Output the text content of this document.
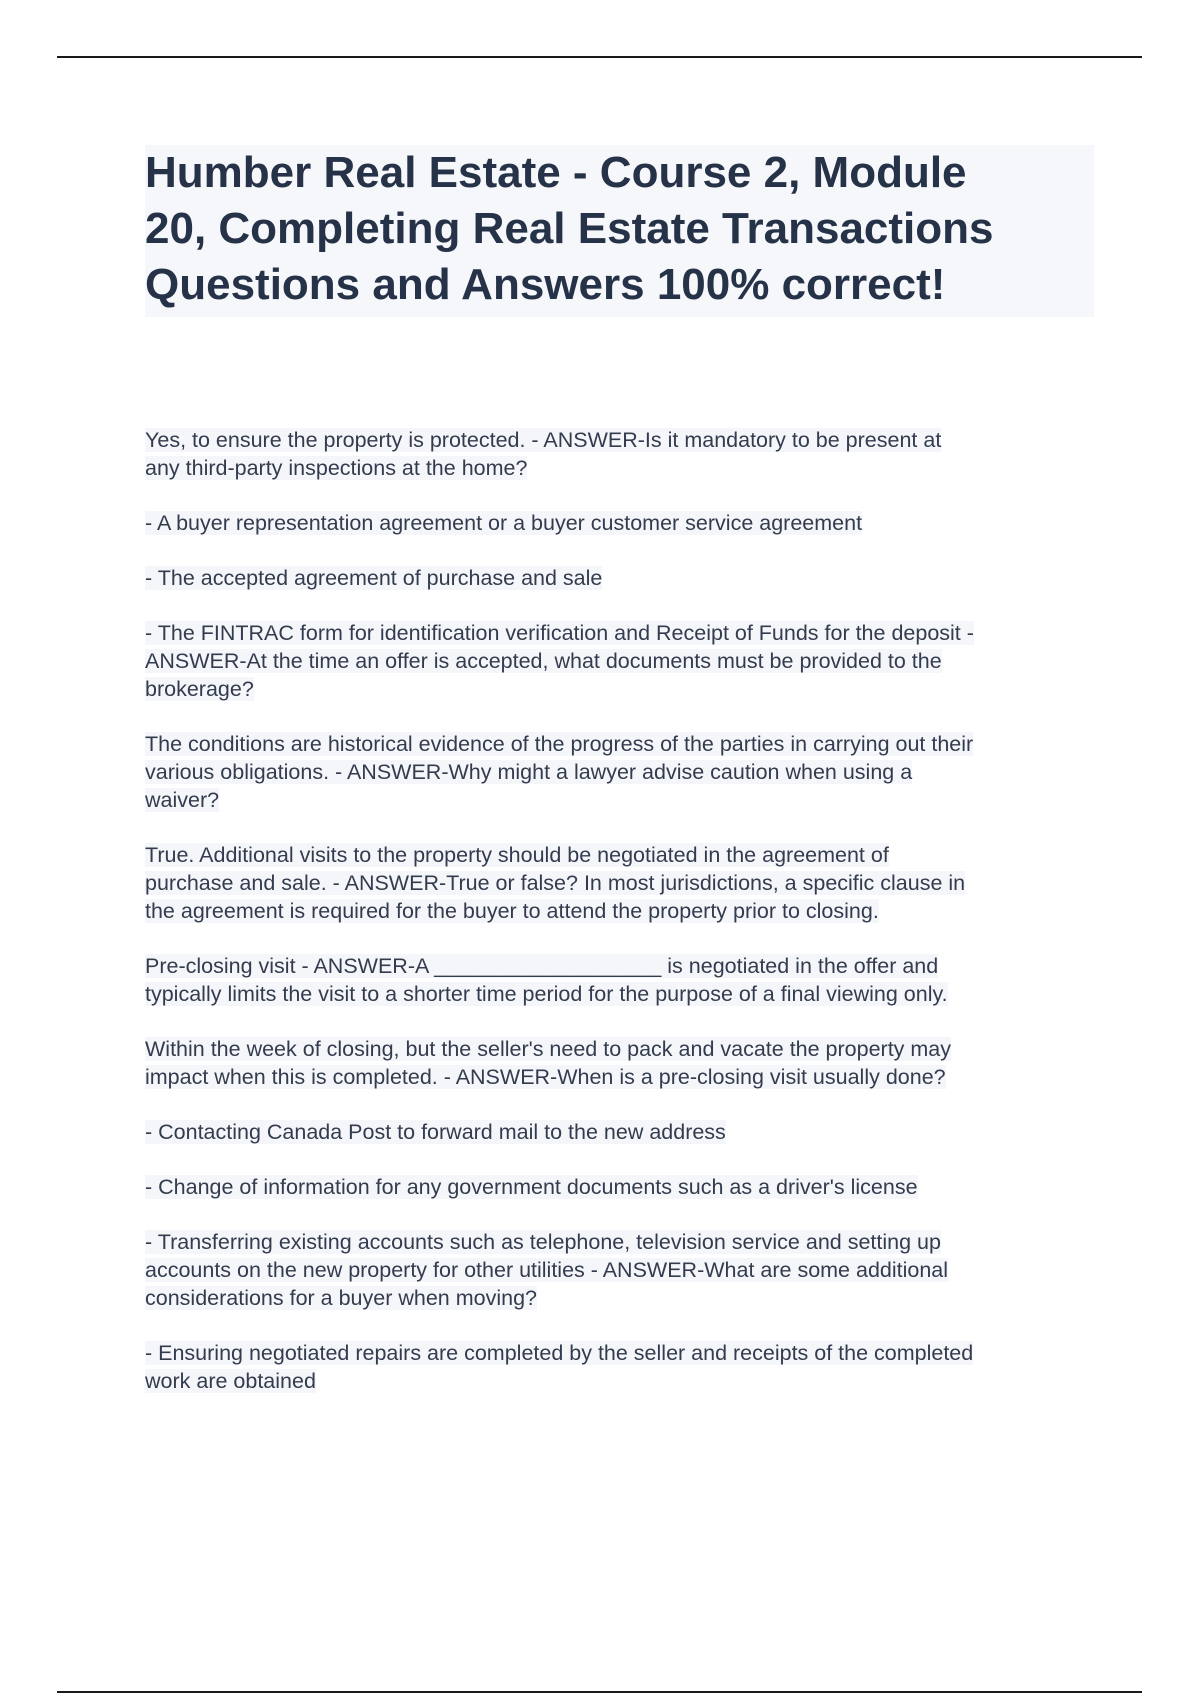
Humber Real Estate - Course 2, Module
20, Completing Real Estate Transactions
Questions and Answers 100% correct!
Yes, to ensure the property is protected. - ANSWER-Is it mandatory to be present at
any third-party inspections at the home?
- A buyer representation agreement or a buyer customer service agreement
- The accepted agreement of purchase and sale
- The FINTRAC form for identification verification and Receipt of Funds for the deposit -
ANSWER-At the time an offer is accepted, what documents must be provided to the
brokerage?
The conditions are historical evidence of the progress of the parties in carrying out their
various obligations. - ANSWER-Why might a lawyer advise caution when using a
waiver?
True. Additional visits to the property should be negotiated in the agreement of
purchase and sale. - ANSWER-True or false? In most jurisdictions, a specific clause in
the agreement is required for the buyer to attend the property prior to closing.
Pre-closing visit - ANSWER-A ___________________ is negotiated in the offer and
typically limits the visit to a shorter time period for the purpose of a final viewing only.
Within the week of closing, but the seller's need to pack and vacate the property may
impact when this is completed. - ANSWER-When is a pre-closing visit usually done?
- Contacting Canada Post to forward mail to the new address
- Change of information for any government documents such as a driver's license
- Transferring existing accounts such as telephone, television service and setting up
accounts on the new property for other utilities - ANSWER-What are some additional
considerations for a buyer when moving?
- Ensuring negotiated repairs are completed by the seller and receipts of the completed
work are obtained
